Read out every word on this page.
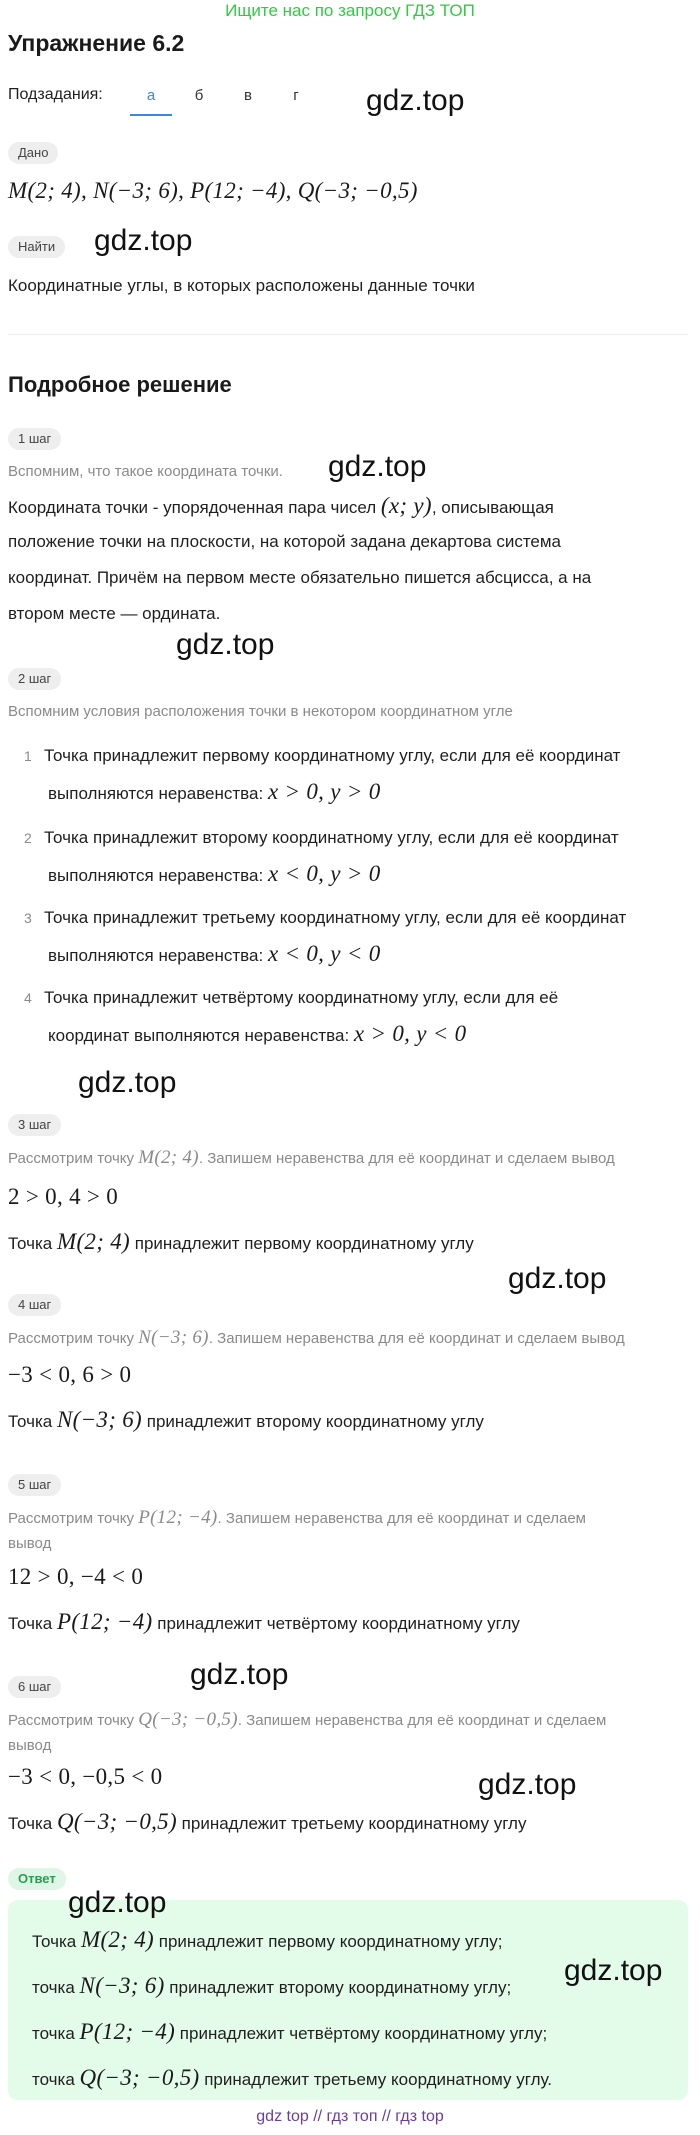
Ищите нас по запросу ГДЗ ТОП
Упражнение 6.2
Подзадания:	а	б	в	г	gdz.top
Дано
M(2; 4), N(−3; 6), P(12; −4), Q(−3; −0,5)
Найти	gdz.top
Координатные углы, в которых расположены данные точки
Подробное решение
1 шаг
Вспомним, что такое координата точки. gdz.top
Координата точки - упорядоченная пара чисел (x; y), описывающая
положение точки на плоскости, на которой задана декартова система
координат. Причём на первом месте обязательно пишется абсцисса, а на
втором месте — ордината.
gdz.top
2 шаг
Вспомним условия расположения точки в некотором координатном угле
1 Точка принадлежит первому координатному углу, если для её координат
выполняются неравенства: x > 0, y > 0
2 Точка принадлежит второму координатному углу, если для её координат
выполняются неравенства: x < 0, y > 0
3 Точка принадлежит третьему координатному углу, если для её координат
выполняются неравенства: x < 0, y < 0
4 Точка принадлежит четвёртому координатному углу, если для её
координат выполняются неравенства: x > 0, y < 0
gdz.top
3 шаг
Рассмотрим точку M(2; 4). Запишем неравенства для её координат и сделаем вывод
2 > 0, 4 > 0
Точка M(2; 4) принадлежит первому координатному углу
gdz.top
4 шаг
Рассмотрим точку N(−3; 6). Запишем неравенства для её координат и сделаем вывод
−3 < 0, 6 > 0
Точка N(−3; 6) принадлежит второму координатному углу
5 шаг
Рассмотрим точку P(12; −4). Запишем неравенства для её координат и сделаем
вывод
12 > 0, −4 < 0
Точка P(12; −4) принадлежит четвёртому координатному углу
gdz.top
6 шаг
Рассмотрим точку Q(−3; −0,5). Запишем неравенства для её координат и сделаем
вывод
−3 < 0, −0,5 < 0	gdz.top
Точка Q(−3; −0,5) принадлежит третьему координатному углу
Ответ
gdz.top
gdz.top
Точка M(2; 4) принадлежит первому координатному углу;
точка N(−3; 6) принадлежит второму координатному углу;
точка P(12; −4) принадлежит четвёртому координатному углу;
точка Q(−3; −0,5) принадлежит третьему координатному углу.
gdz top // гдз топ // гдз top
